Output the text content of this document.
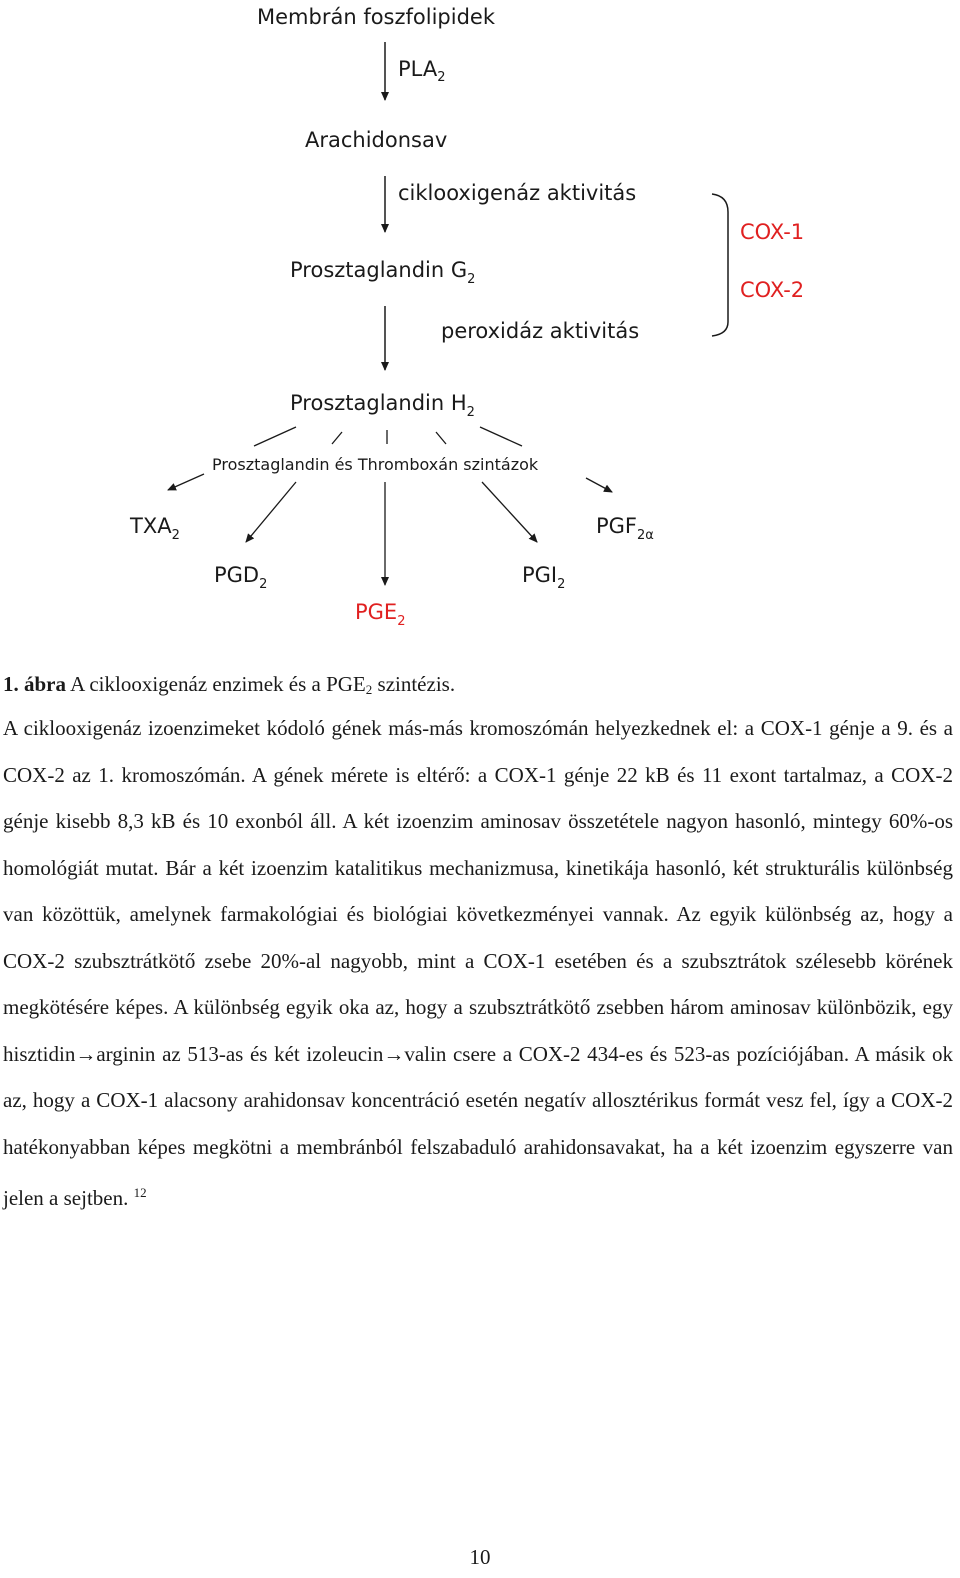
Membrán foszfolipidek
$PLA_2$
Arachidonsav
ciklooxigenáz aktivitás
Prosztaglandin $G_2$
peroxidáz aktivitás
COX-1
COX-2
Prosztaglandin $H_2$
Prosztaglandin és Thromboxán szintázok
$TXA_2$	$PGF_{2\alpha}$
$PGD_2$	$PGI_2$
$PGE_2$

1. ábra A ciklooxigenáz enzimek és a $PGE_2$ szintézis.

A ciklooxigenáz izoenzimeket kódoló gének más-más kromoszómán helyezkednek el: a COX-1 génje a 9. és a COX-2 az 1. kromoszómán. A gének mérete is eltérő: a COX-1 génje 22 kB és 11 exont tartalmaz, a COX-2 génje kisebb 8,3 kB és 10 exonból áll. A két izoenzim aminosav összetétele nagyon hasonló, mintegy 60%-os homológiát mutat. Bár a két izoenzim katalitikus mechanizmusa, kinetikája hasonló, két strukturális különbség van közöttük, amelynek farmakológiai és biológiai következményei vannak. Az egyik különbség az, hogy a COX-2 szubsztrátkötő zsebe 20%-al nagyobb, mint a COX-1 esetében és a szubsztrátok szélesebb körének megkötésére képes. A különbség egyik oka az, hogy a szubsztrátkötő zsebben három aminosav különbözik, egy hisztidin→arginin az 513-as és két izoleucin→valin csere a COX-2 434-es és 523-as pozíciójában. A másik ok az, hogy a COX-1 alacsony arahidonsav koncentráció esetén negatív allosztérikus formát vesz fel, így a COX-2 hatékonyabban képes megkötni a membránból felszabaduló arahidonsavakat, ha a két izoenzim egyszerre van jelen a sejtben. $^{12}$

10
